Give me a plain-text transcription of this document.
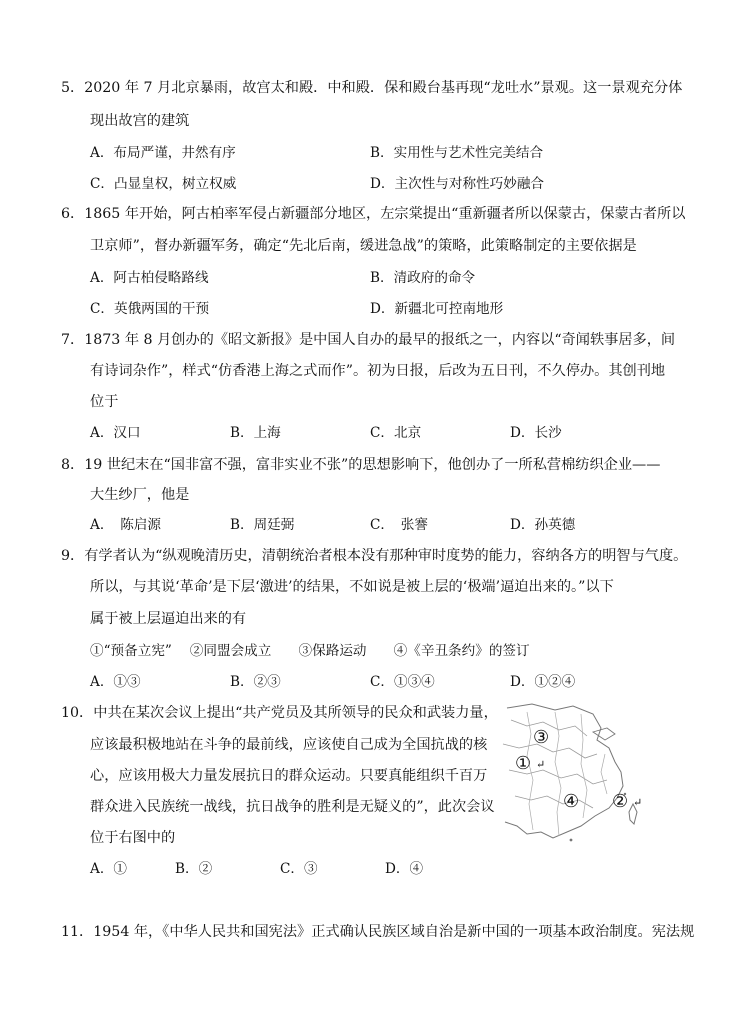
5．2020 年 7 月北京暴雨，故宫太和殿．中和殿．保和殿台基再现“龙吐水”景观。这一景观充分体
现出故宫的建筑
A．布局严谨，井然有序	B．实用性与艺术性完美结合
C．凸显皇权，树立权威	D．主次性与对称性巧妙融合
6．1865 年开始，阿古柏率军侵占新疆部分地区，左宗棠提出“重新疆者所以保蒙古，保蒙古者所以
卫京师”，督办新疆军务，确定“先北后南，缓进急战”的策略，此策略制定的主要依据是
A．阿古柏侵略路线	B．清政府的命令
C．英俄两国的干预	D．新疆北可控南地形
7．1873 年 8 月创办的《昭文新报》是中国人自办的最早的报纸之一，内容以“奇闻轶事居多，间
有诗词杂作”，样式“仿香港上海之式而作”。初为日报，后改为五日刊，不久停办。其创刊地
位于
A．汉口	B．上海	C．北京	D．长沙
8．19 世纪末在“国非富不强，富非实业不张”的思想影响下，他创办了一所私营棉纺织企业——
大生纱厂，他是
A．　陈启源	B．周廷弼	C．　张謇	D．孙英德
9．有学者认为“纵观晚清历史，清朝统治者根本没有那种审时度势的能力，容纳各方的明智与气度。
所以，与其说‘革命’是下层‘激进’的结果，不如说是被上层的‘极端’逼迫出来的。”以下
属于被上层逼迫出来的有
①“预备立宪”　 ②同盟会成立　　③保路运动　　④《辛丑条约》的签订
A．①③	B．②③	C．①③④	D．①②④
10．中共在某次会议上提出“共产党员及其所领导的民众和武装力量，
应该最积极地站在斗争的最前线，应该使自己成为全国抗战的核
心，应该用极大力量发展抗日的群众运动。只要真能组织千百万
群众进入民族统一战线，抗日战争的胜利是无疑义的”，此次会议
位于右图中的
A．①	B．②	C．③	D．④
③
① ↵
② ↵
④
11．1954 年，《中华人民共和国宪法》正式确认民族区域自治是新中国的一项基本政治制度。宪法规
